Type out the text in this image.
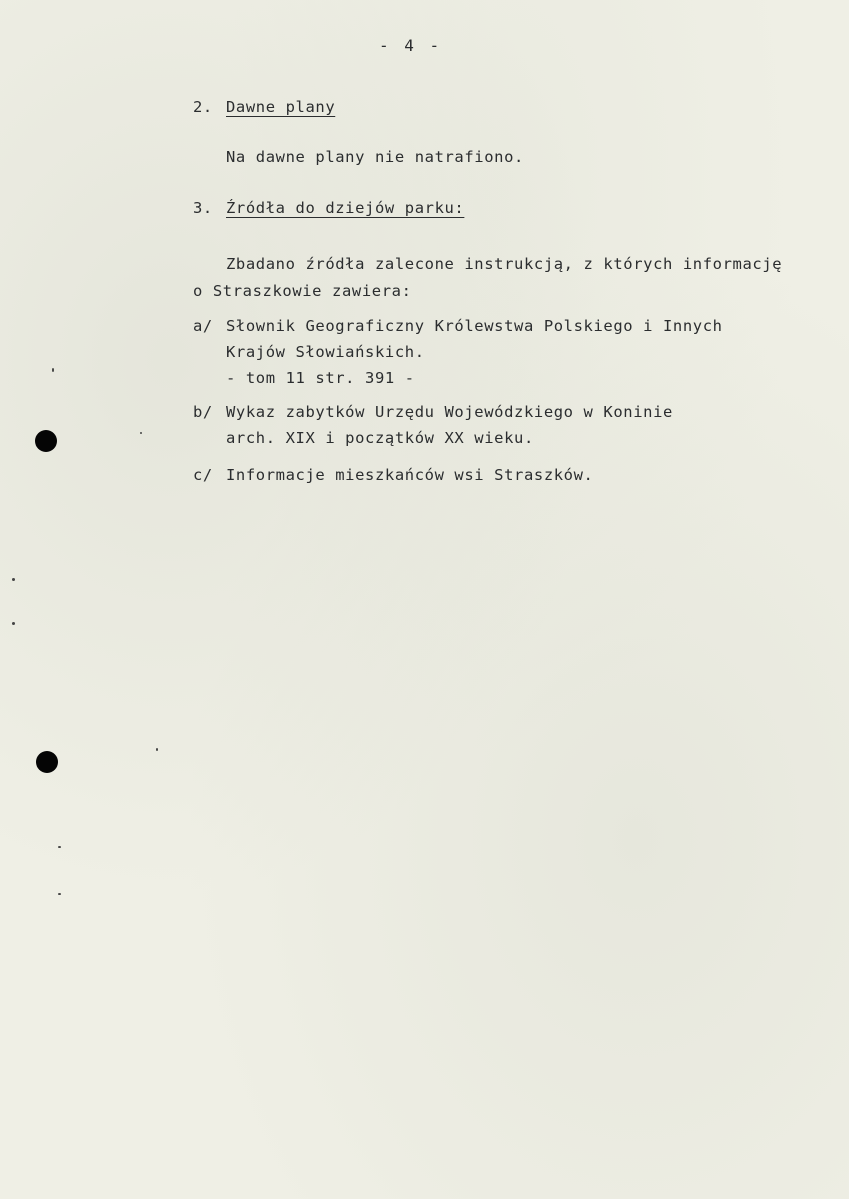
- 4 -

2. Dawne plany

Na dawne plany nie natrafiono.

3. Źródła do dziejów parku:

Zbadano źródła zalecone instrukcją, z których informację

o Straszkowie zawiera:

a/ Słownik Geograficzny Królewstwa Polskiego i Innych

Krajów Słowiańskich.

- tom 11 str. 391 -

b/ Wykaz zabytków Urzędu Wojewódzkiego w Koninie

arch. XIX i początków XX wieku.

c/ Informacje mieszkańców wsi Straszków.
